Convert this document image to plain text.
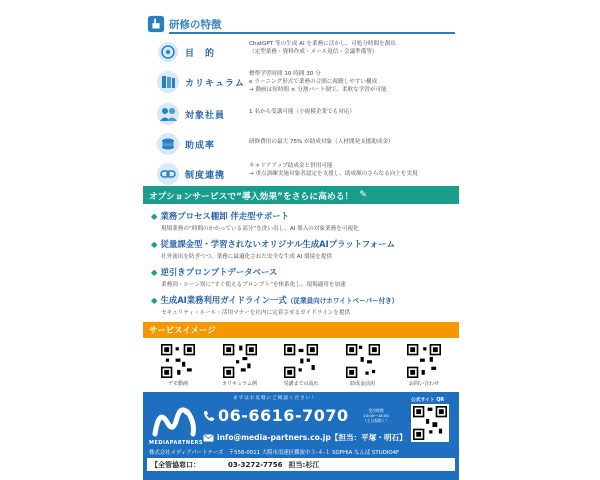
研修の特徴
目　的
ChatGPT 等の生成 AI を業務に活かし、可処分時間を創出
（定型業務・資料作成・メール返信・会議準備等）
カリキュラム
標準学習時間 10 時間 30 分
e ラーニング形式で業務の合間に視聴しやすい構成
→ 動画は短時間 × 分割パート制で、柔軟な学習が可能
対象社員	1 名から受講可能（小規模企業でも対応）
助成率	研修費用の最大 75% が助成対象（人材開発支援助成金）
制度連携
キャリアアップ助成金と併用可能
→ 重点訓練実施対象者認定を支援し、助成額のさらなる向上を実現
オプションサービスで“導入効果”をさらに高める！ ✎
◆ 業務プロセス棚卸 伴走型サポート
現場業務の“時間のかかっている部分”を洗い出し、AI 導入の対象業務を可視化
◆ 従量課金型・学習されないオリジナル生成AIプラットフォーム
社外流出を防ぎつつ、業務に最適化された安全な生成 AI 環境を提供
◆ 逆引きプロンプトデータベース
業務別・シーン別に“すぐ使えるプロンプト”を体系化し、現場適用を加速
◆ 生成AI業務利用ガイドライン一式（従業員向けホワイトペーパー付き）
セキュリティ・ルール・活用マナーを社内に定着させるガイドラインを提供
サービスイメージ
デモ動画	カリキュラム例	受講までの流れ	助成金活用	お問い合わせ
まずはお気軽にご相談ください！
MEDIAPARTNERS
06-6616-7070	受付時間
10:00～18:00
（土日祝除く）
info@media-partners.co.jp【担当：平塚・明石】
公式サイト QR
株式会社メディアパートナーズ　〒556-0011 大阪市浪速区難波中３-４-１ SOPHIA なんば STUDIO4F
【全管協窓口：	03-3272-7756 担当:杉江
